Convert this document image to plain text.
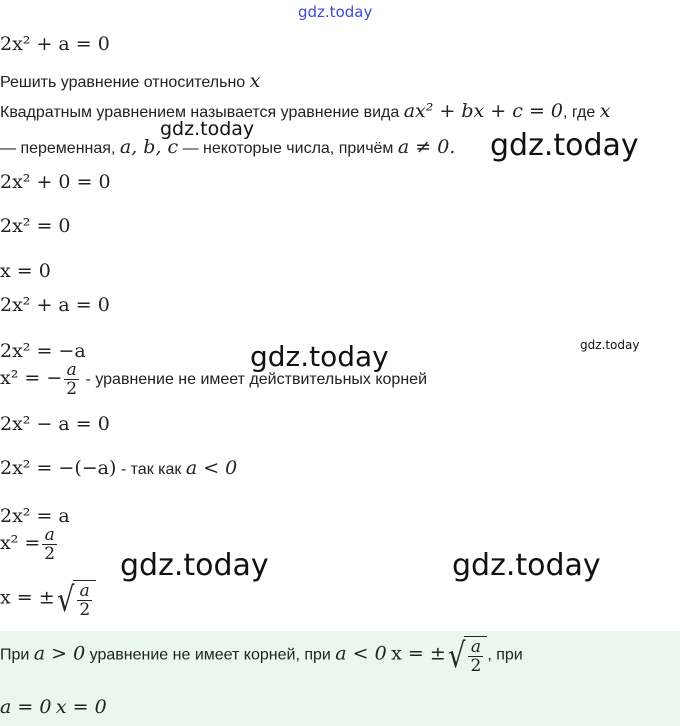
gdz.today
gdz.today	gdz.today
gdz.today
gdz.today
gdz.today	gdz.today
2x² + a = 0
Решить уравнение относительно x
Квадратным уравнением называется уравнение вида ax² + bx + c = 0, где x
— переменная, a, b, c — некоторые числа, причём a ≠ 0.
2x² + 0 = 0
2x² = 0
x = 0
2x² + a = 0
2x² = −a
x² = − $\frac{a}{2}$ - уравнение не имеет действительных корней
2x² − a = 0
2x² = −(−a) - так как a < 0
2x² = a
$x^2 = \frac{a}{2}$
x = ± √ $\frac{a}{2}$
При a > 0 уравнение не имеет корней, при a < 0 x = ± √ $\frac{a}{2}$ , при
a = 0 x = 0
